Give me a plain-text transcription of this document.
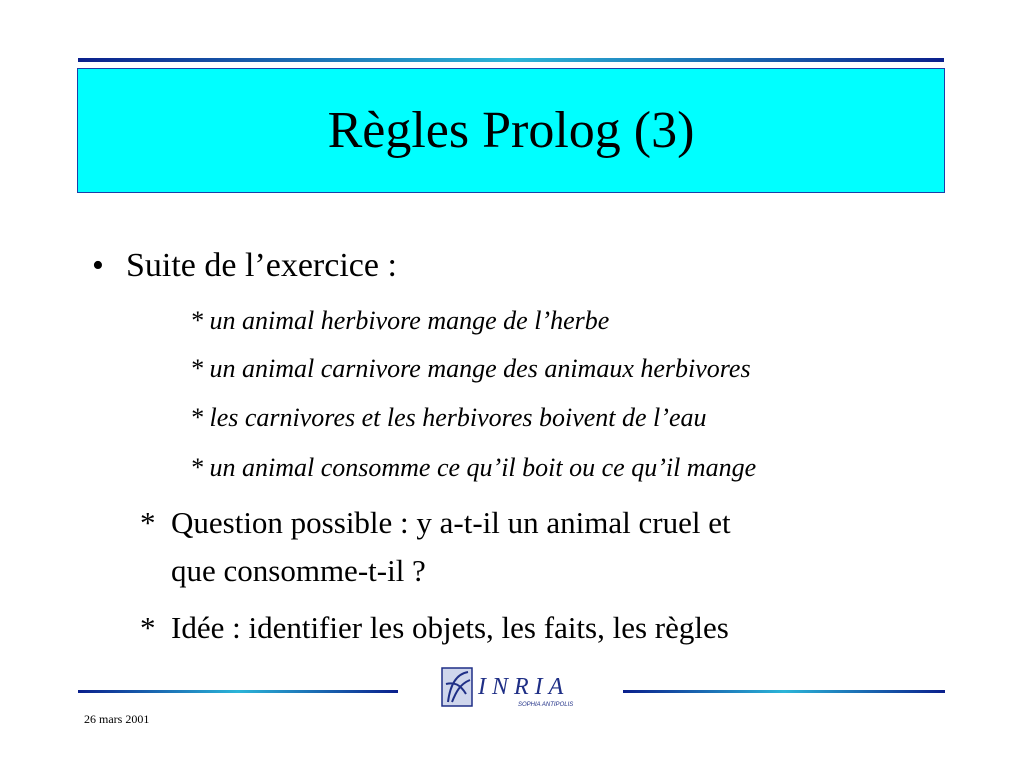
Règles Prolog (3)
• Suite de l’exercice :
* un animal herbivore mange de l’herbe
* un animal carnivore mange des animaux herbivores
* les carnivores et les herbivores boivent de l’eau
* un animal consomme ce qu’il boit ou ce qu’il mange
* Question possible : y a-t-il un animal cruel et
que consomme-t-il ?
* Idée : identifier les objets, les faits, les règles
INRIA
SOPHIA ANTIPOLIS
26 mars 2001
